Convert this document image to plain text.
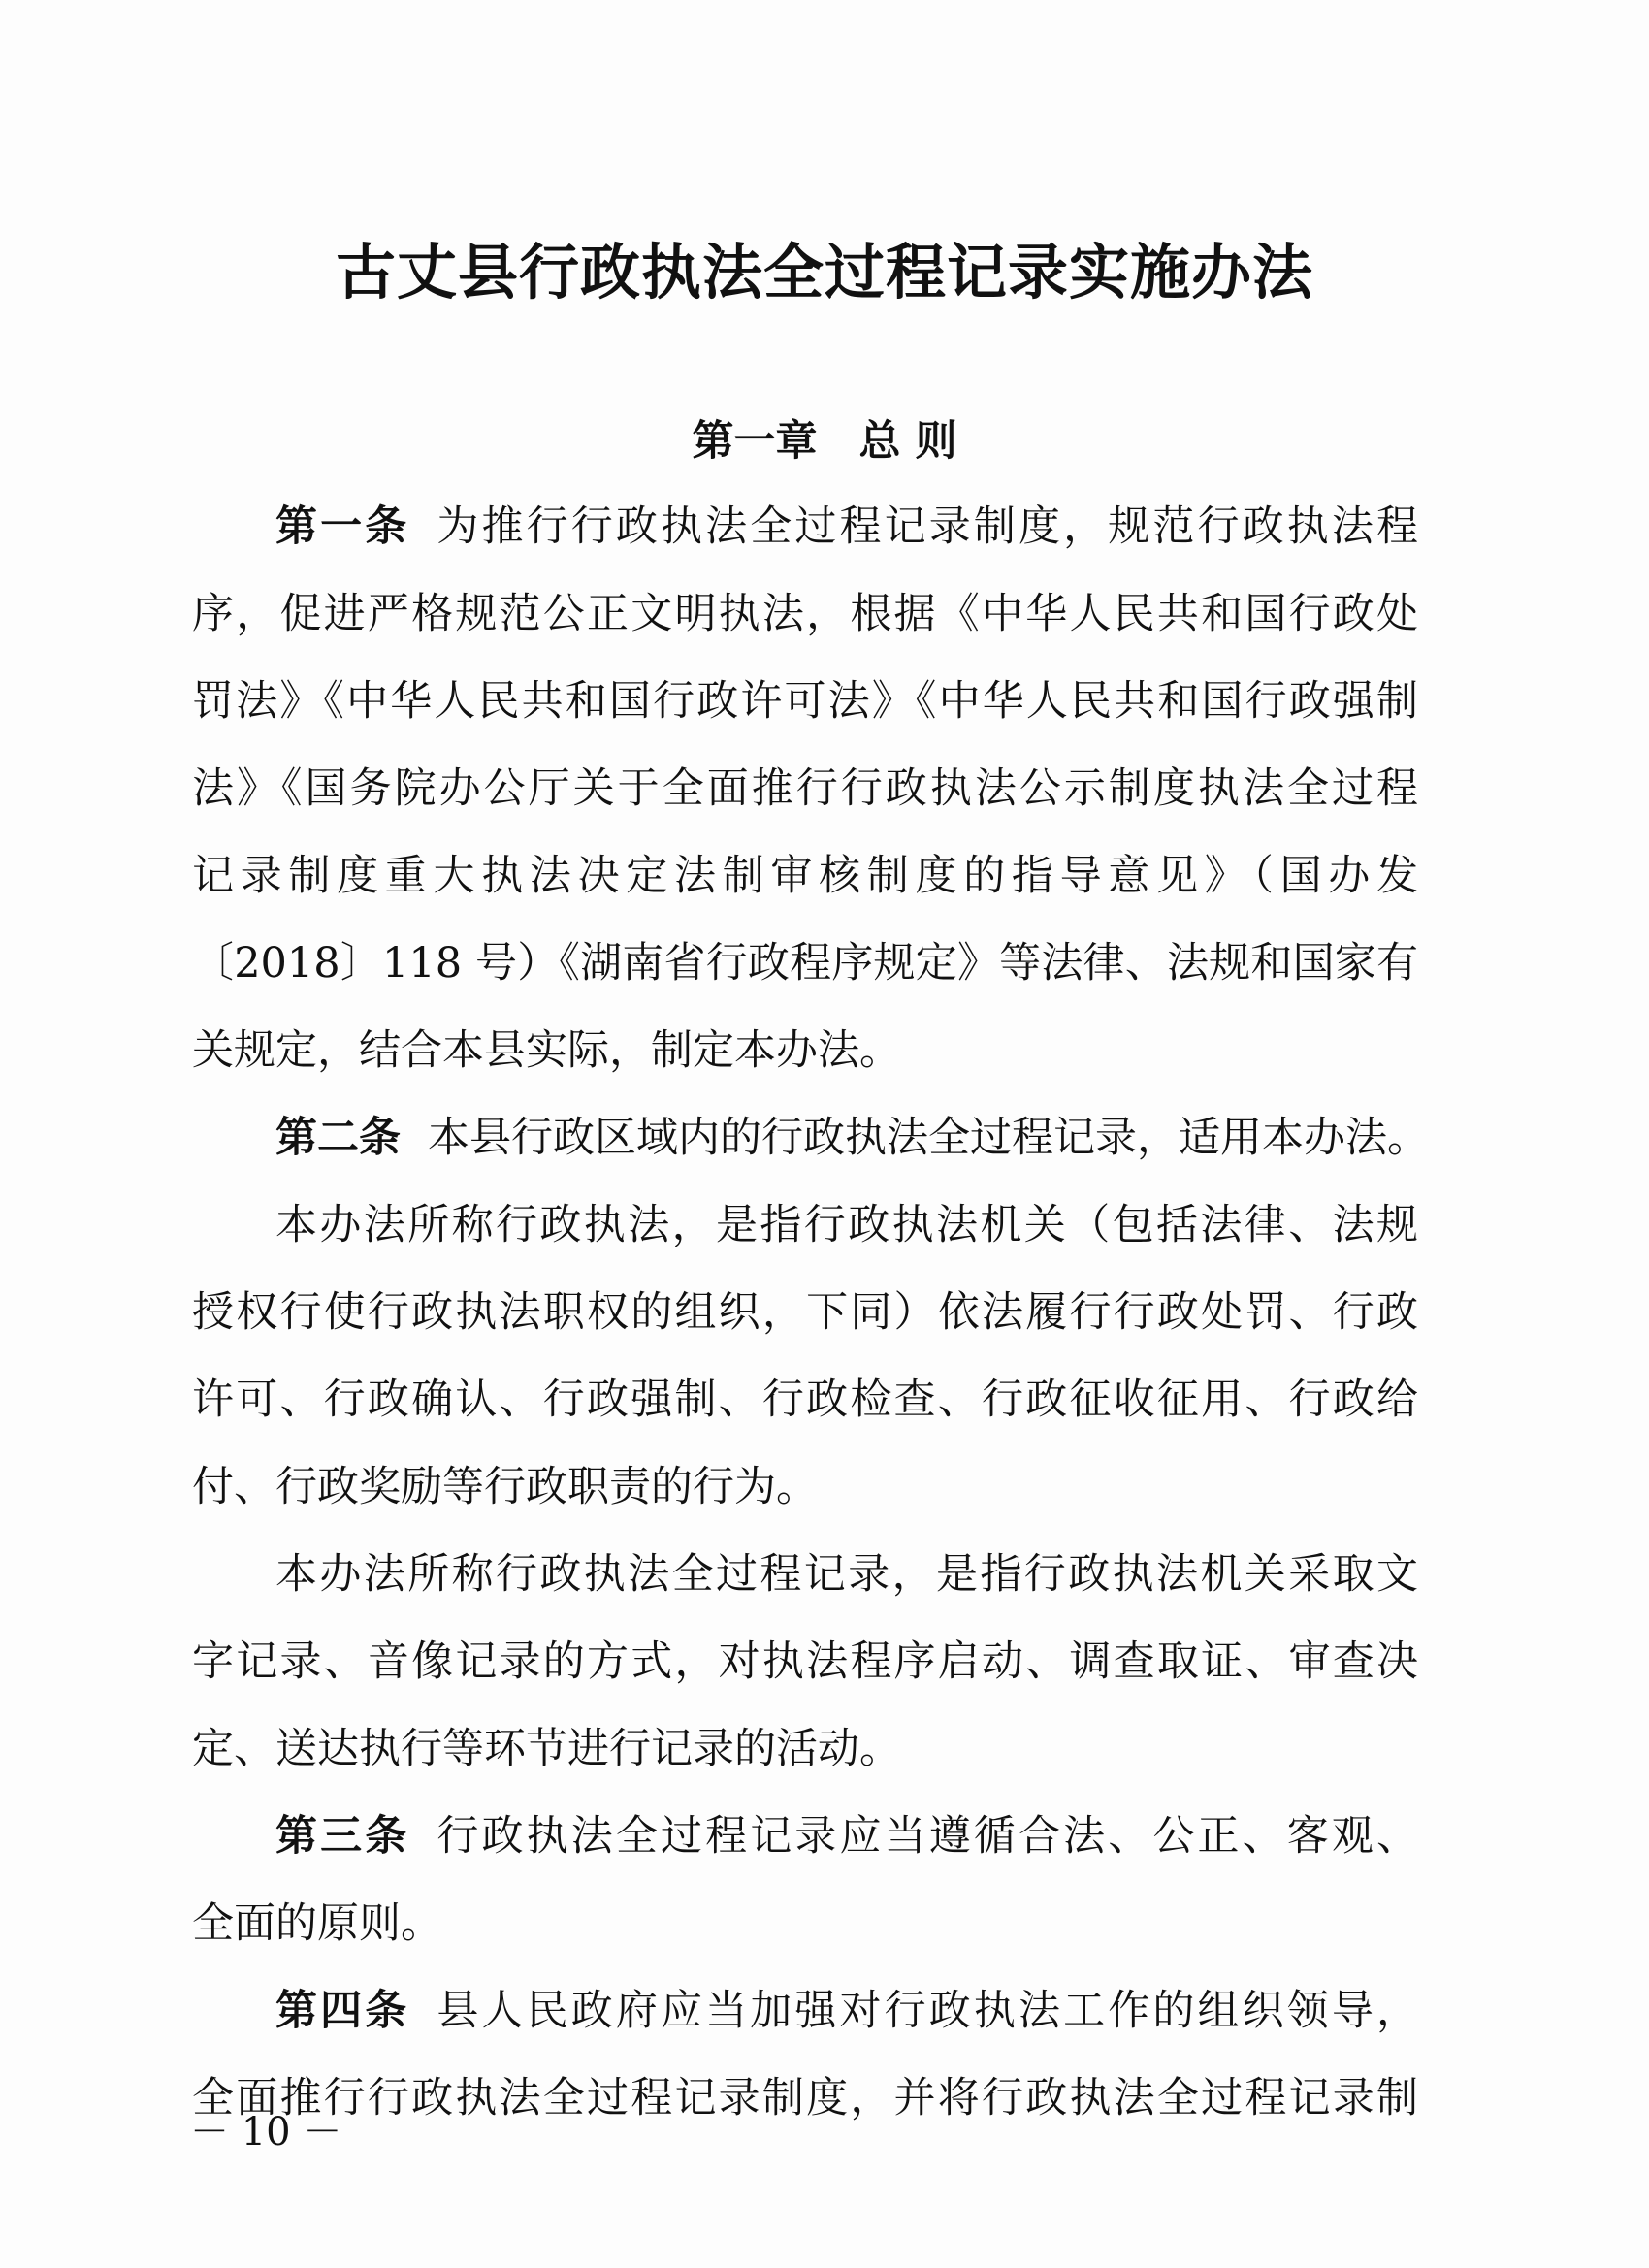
古丈县行政执法全过程记录实施办法
第一章　总 则
第一条 为推行行政执法全过程记录制度，规范行政执法程
序，促进严格规范公正文明执法，根据《中华人民共和国行政处
罚法》《中华人民共和国行政许可法》《中华人民共和国行政强制
法》《国务院办公厅关于全面推行行政执法公示制度执法全过程
记录制度重大执法决定法制审核制度的指导意见》（国办发
〔2018〕118 号）《湖南省行政程序规定》等法律、法规和国家有
关规定，结合本县实际，制定本办法。
第二条 本县行政区域内的行政执法全过程记录，适用本办法。
本办法所称行政执法，是指行政执法机关（包括法律、法规
授权行使行政执法职权的组织，下同）依法履行行政处罚、行政
许可、行政确认、行政强制、行政检查、行政征收征用、行政给
付、行政奖励等行政职责的行为。
本办法所称行政执法全过程记录，是指行政执法机关采取文
字记录、音像记录的方式，对执法程序启动、调查取证、审查决
定、送达执行等环节进行记录的活动。
第三条 行政执法全过程记录应当遵循合法、公正、客观、
全面的原则。
第四条 县人民政府应当加强对行政执法工作的组织领导，
全面推行行政执法全过程记录制度，并将行政执法全过程记录制
－ 10 －
